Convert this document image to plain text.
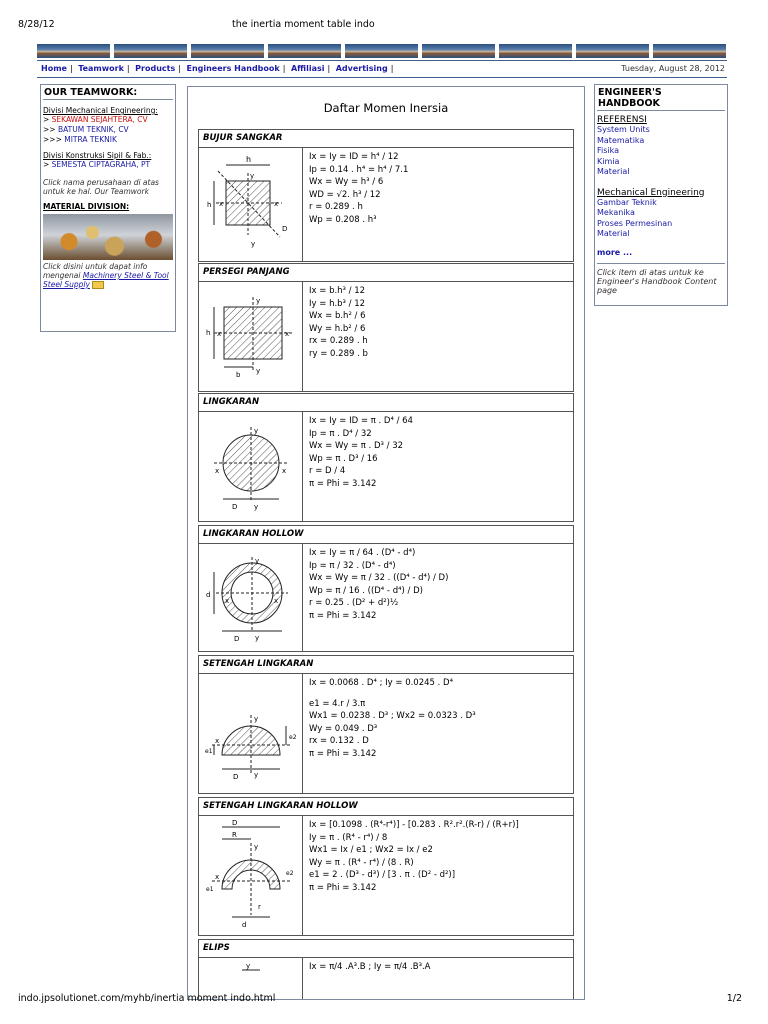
8/28/12	the inertia moment table indo
Home | Teamwork | Products | Engineers Handbook | Affiliasi | Advertising |	Tuesday, August 28, 2012
OUR TEAMWORK:
Divisi Mechanical Engineering:
> SEKAWAN SEJAHTERA, CV
>> BATUM TEKNIK, CV
>>> MITRA TEKNIK
Divisi Konstruksi Sipil & Fab.:
> SEMESTA CIPTAGRAHA, PT
Click nama perusahaan di atas untuk ke hal. Our Teamwork
MATERIAL DIVISION:
Click disini untuk dapat info mengenai Machinery Steel & Tool Steel Supply
Daftar Momen Inersia
BUJUR SANGKAR
h
y
x	x
y
D
h
Ix = Iy = ID = h⁴ / 12
Ip = 0.14 . h⁴ = h⁴ / 7.1
Wx = Wy = h³ / 6
WD = √2. h³ / 12
r = 0.289 . h
Wp = 0.208 . h³
PERSEGI PANJANG
b
h x	x
y
y
Ix = b.h³ / 12
Iy = h.b³ / 12
Wx = b.h² / 6
Wy = h.b² / 6
rx = 0.289 . h
ry = 0.289 . b
LINGKARAN
D
y
y
x	x
Ix = Iy = ID = π . D⁴ / 64
Ip = π . D⁴ / 32
Wx = Wy = π . D³ / 32
Wp = π . D³ / 16
r = D / 4
π = Phi = 3.142
LINGKARAN HOLLOW
D
d
x	x
y
y
Ix = Iy = π / 64 . (D⁴ - d⁴)
Ip = π / 32 . (D⁴ - d⁴)
Wx = Wy = π / 32 . ((D⁴ - d⁴) / D)
Wp = π / 16 . ((D⁴ - d⁴) / D)
r = 0.25 . (D² + d²)½
π = Phi = 3.142
SETENGAH LINGKARAN
D
e2
e1
x
y
y
Ix = 0.0068 . D⁴ ; Iy = 0.0245 . D⁴
e1 = 4.r / 3.π
Wx1 = 0.0238 . D³ ; Wx2 = 0.0323 . D³
Wy = 0.049 . D³
rx = 0.132 . D
π = Phi = 3.142
SETENGAH LINGKARAN HOLLOW
D
R
d
r
x	e2
e1
y
Ix = [0.1098 . (R⁴-r⁴)] - [0.283 . R².r².(R-r) / (R+r)]
Iy = π . (R⁴ - r⁴) / 8
Wx1 = Ix / e1 ; Wx2 = Ix / e2
Wy = π . (R⁴ - r⁴) / (8 . R)
e1 = 2 . (D³ - d³) / [3 . π . (D² - d²)]
π = Phi = 3.142
ELIPS
y	Ix = π/4 .A³.B ; Iy = π/4 .B³.A
ENGINEER'S HANDBOOK
REFERENSI
System Units
Matematika
Fisika
Kimia
Material
Mechanical Engineering
Gambar Teknik
Mekanika
Proses Permesinan
Material
more ...
Click item di atas untuk ke Engineer's Handbook Content page
indo.jpsolutionet.com/myhb/inertia moment indo.html	1/2
